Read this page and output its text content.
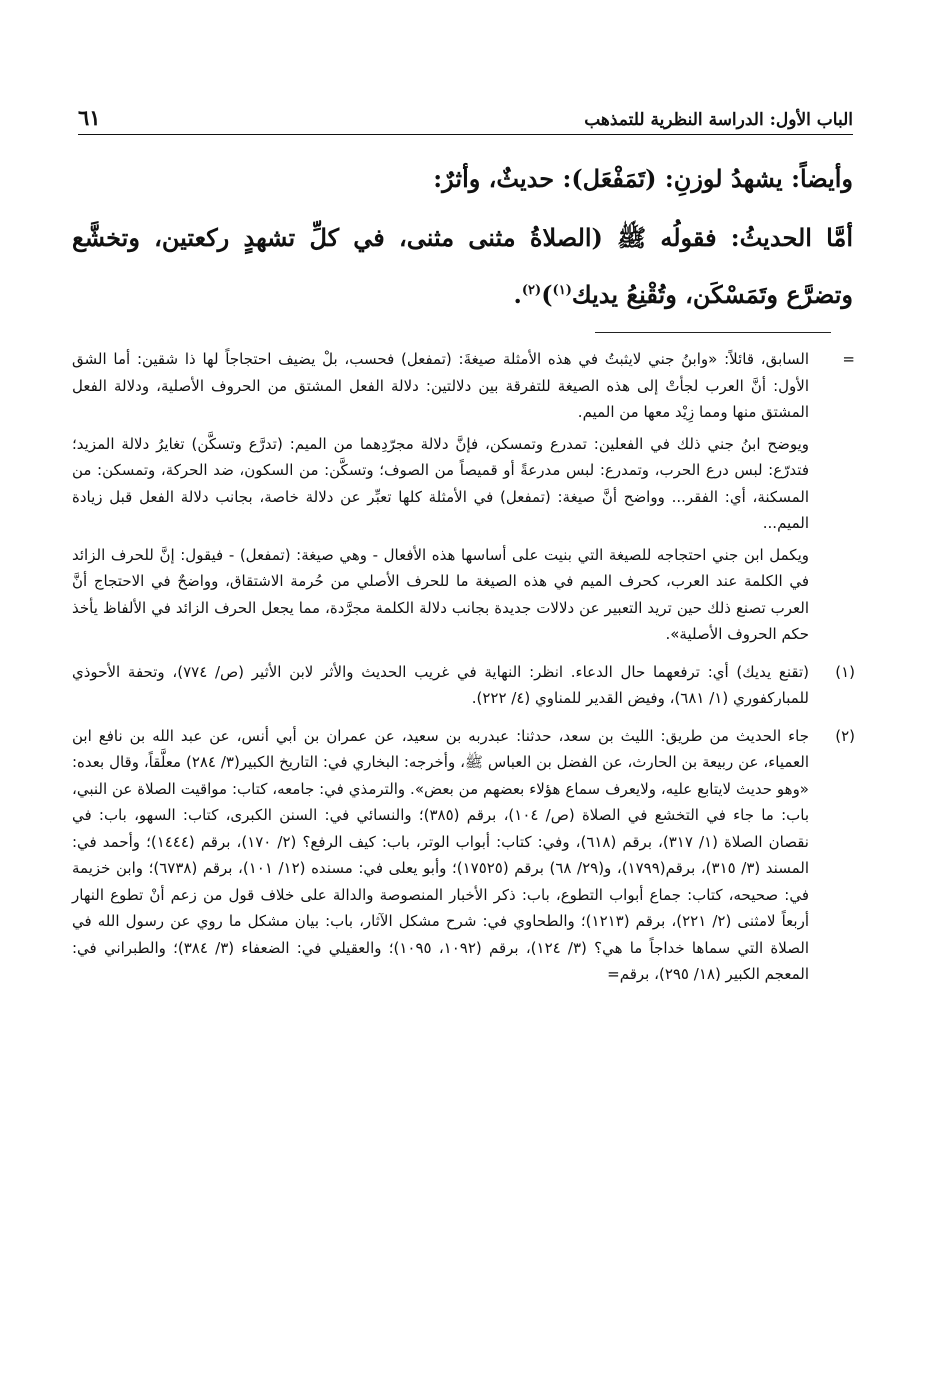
الباب الأول: الدراسة النظرية للتمذهب
٦١

وأيضاً: يشهدُ لوزنِ: (تَمَفْعَل): حديثٌ، وأثرٌ:

أمَّا الحديثُ: فقولُه ﷺ (الصلاةُ مثنى مثنى، في كلِّ تشهدٍ ركعتين، وتخشَّع وتضرَّع وتَمَسْكَن، وتُقْنِعُ يديك$^{(١)}$)$^{(٢)}$.

=

السابق، قائلاً: «وابنُ جني لايثبتُ في هذه الأمثلة صيغةَ: (تمفعل) فحسب، بلْ يضيف احتجاجاً لها ذا شقين: أما الشق الأول: أنَّ العرب لجأتْ إلى هذه الصيغة للتفرقة بين دلالتين: دلالة الفعل المشتق من الحروف الأصلية، ودلالة الفعل المشتق منها ومما زِيْد معها من الميم.

ويوضح ابنُ جني ذلك في الفعلين: تمدرع وتمسكن، فإنَّ دلالة مجرّدِهما من الميم: (تدرَّع وتسكَّن) تغايرُ دلالة المزيد؛ فتدرّع: لبس درع الحرب، وتمدرع: لبس مدرعةً أو قميصاً من الصوف؛ وتسكَّن: من السكون، ضد الحركة، وتمسكن: من المسكنة، أي: الفقر... وواضح أنَّ صيغة: (تمفعل) في الأمثلة كلها تعبِّر عن دلالة خاصة، بجانب دلالة الفعل قبل زيادة الميم...

ويكمل ابن جني احتجاجه للصيغة التي بنيت على أساسها هذه الأفعال - وهي صيغة: (تمفعل) - فيقول: إنَّ للحرف الزائد في الكلمة عند العرب، كحرف الميم في هذه الصيغة ما للحرف الأصلي من حُرمة الاشتقاق، وواضحٌ في الاحتجاج أنَّ العرب تصنع ذلك حين تريد التعبير عن دلالات جديدة بجانب دلالة الكلمة مجرَّدة، مما يجعل الحرف الزائد في الألفاظ يأخذ حكم الحروف الأصلية».

(١)

(تقنع يديك) أي: ترفعهما حال الدعاء. انظر: النهاية في غريب الحديث والأثر لابن الأثير (ص/ ٧٧٤)، وتحفة الأحوذي للمباركفوري (١/ ٦٨١)، وفيض القدير للمناوي (٤/ ٢٢٢).

(٢)

جاء الحديث من طريق: الليث بن سعد، حدثنا: عبدربه بن سعيد، عن عمران بن أبي أنس، عن عبد الله بن نافع ابن العمياء، عن ربيعة بن الحارث، عن الفضل بن العباس ﷺ، وأخرجه: البخاري في: التاريخ الكبير(٣/ ٢٨٤) معلَّقاً، وقال بعده: «وهو حديث لايتابع عليه، ولايعرف سماع هؤلاء بعضهم من بعض». والترمذي في: جامعه، كتاب: مواقيت الصلاة عن النبي، باب: ما جاء في التخشع في الصلاة (ص/ ١٠٤)، برقم (٣٨٥)؛ والنسائي في: السنن الكبرى، كتاب: السهو، باب: في نقصان الصلاة (١/ ٣١٧)، برقم (٦١٨)، وفي: كتاب: أبواب الوتر، باب: كيف الرفع؟ (٢/ ١٧٠)، برقم (١٤٤٤)؛ وأحمد في: المسند (٣/ ٣١٥)، برقم(١٧٩٩)، و(٢٩/ ٦٨) برقم (١٧٥٢٥)؛ وأبو يعلى في: مسنده (١٢/ ١٠١)، برقم (٦٧٣٨)؛ وابن خزيمة في: صحيحه، كتاب: جماع أبواب التطوع، باب: ذكر الأخبار المنصوصة والدالة على خلاف قول من زعم أنْ تطوع النهار أربعاً لامثنى (٢/ ٢٢١)، برقم (١٢١٣)؛ والطحاوي في: شرح مشكل الآثار، باب: بيان مشكل ما روي عن رسول الله في الصلاة التي سماها خداجاً ما هي؟ (٣/ ١٢٤)، برقم (١٠٩٢، ١٠٩٥)؛ والعقيلي في: الضعفاء (٣/ ٣٨٤)؛ والطبراني في: المعجم الكبير (١٨/ ٢٩٥)، برقم=
